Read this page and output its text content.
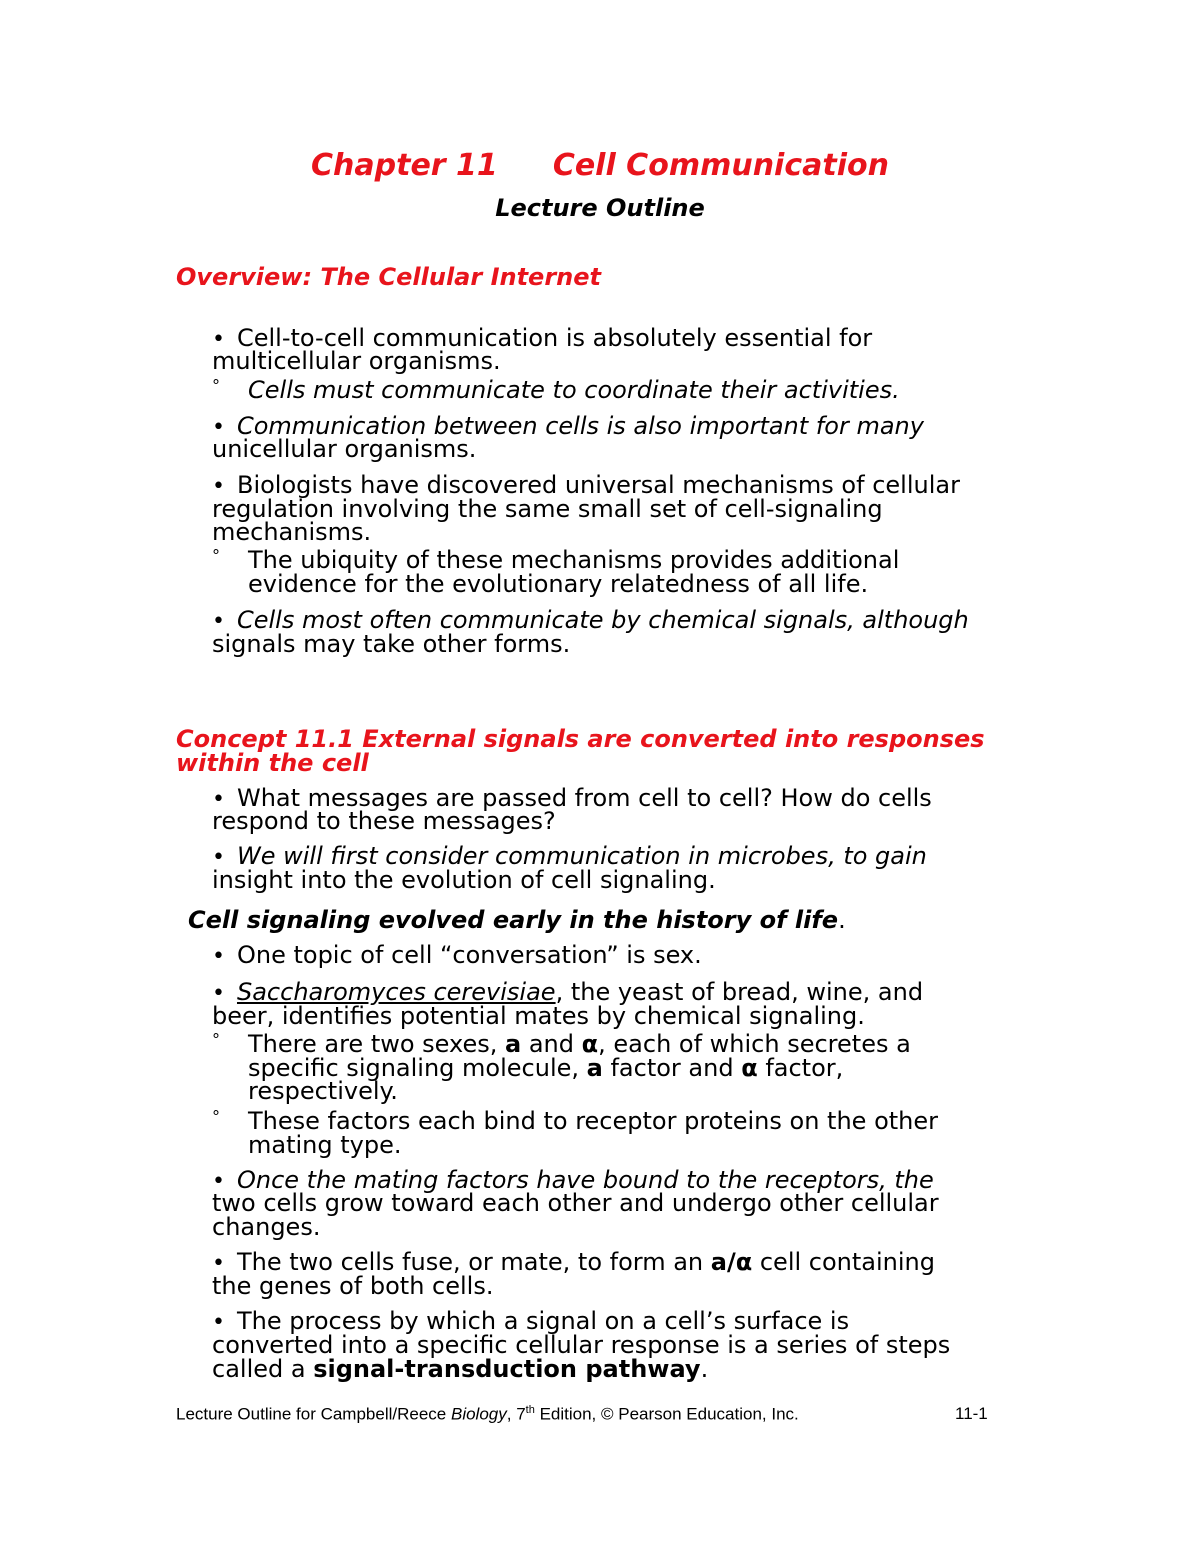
Chapter 11 Cell Communication
Lecture Outline
Overview: The Cellular Internet
• Cell-to-cell communication is absolutely essential for
multicellular organisms.
° Cells must communicate to coordinate their activities.
• Communication between cells is also important for many
unicellular organisms.
• Biologists have discovered universal mechanisms of cellular
regulation involving the same small set of cell-signaling
mechanisms.
° The ubiquity of these mechanisms provides additional
evidence for the evolutionary relatedness of all life.
• Cells most often communicate by chemical signals, although
signals may take other forms.
Concept 11.1 External signals are converted into responses
within the cell
• What messages are passed from cell to cell? How do cells
respond to these messages?
• We will first consider communication in microbes, to gain
insight into the evolution of cell signaling.
Cell signaling evolved early in the history of life.
• One topic of cell “conversation” is sex.
• Saccharomyces cerevisiae, the yeast of bread, wine, and
beer, identifies potential mates by chemical signaling.
° There are two sexes, a and α, each of which secretes a
specific signaling molecule, a factor and α factor,
respectively.
° These factors each bind to receptor proteins on the other
mating type.
• Once the mating factors have bound to the receptors, the
two cells grow toward each other and undergo other cellular
changes.
• The two cells fuse, or mate, to form an a/α cell containing
the genes of both cells.
• The process by which a signal on a cell’s surface is
converted into a specific cellular response is a series of steps
called a signal-transduction pathway.
Lecture Outline for Campbell/Reece Biology, 7th Edition, © Pearson Education, Inc.	11-1
